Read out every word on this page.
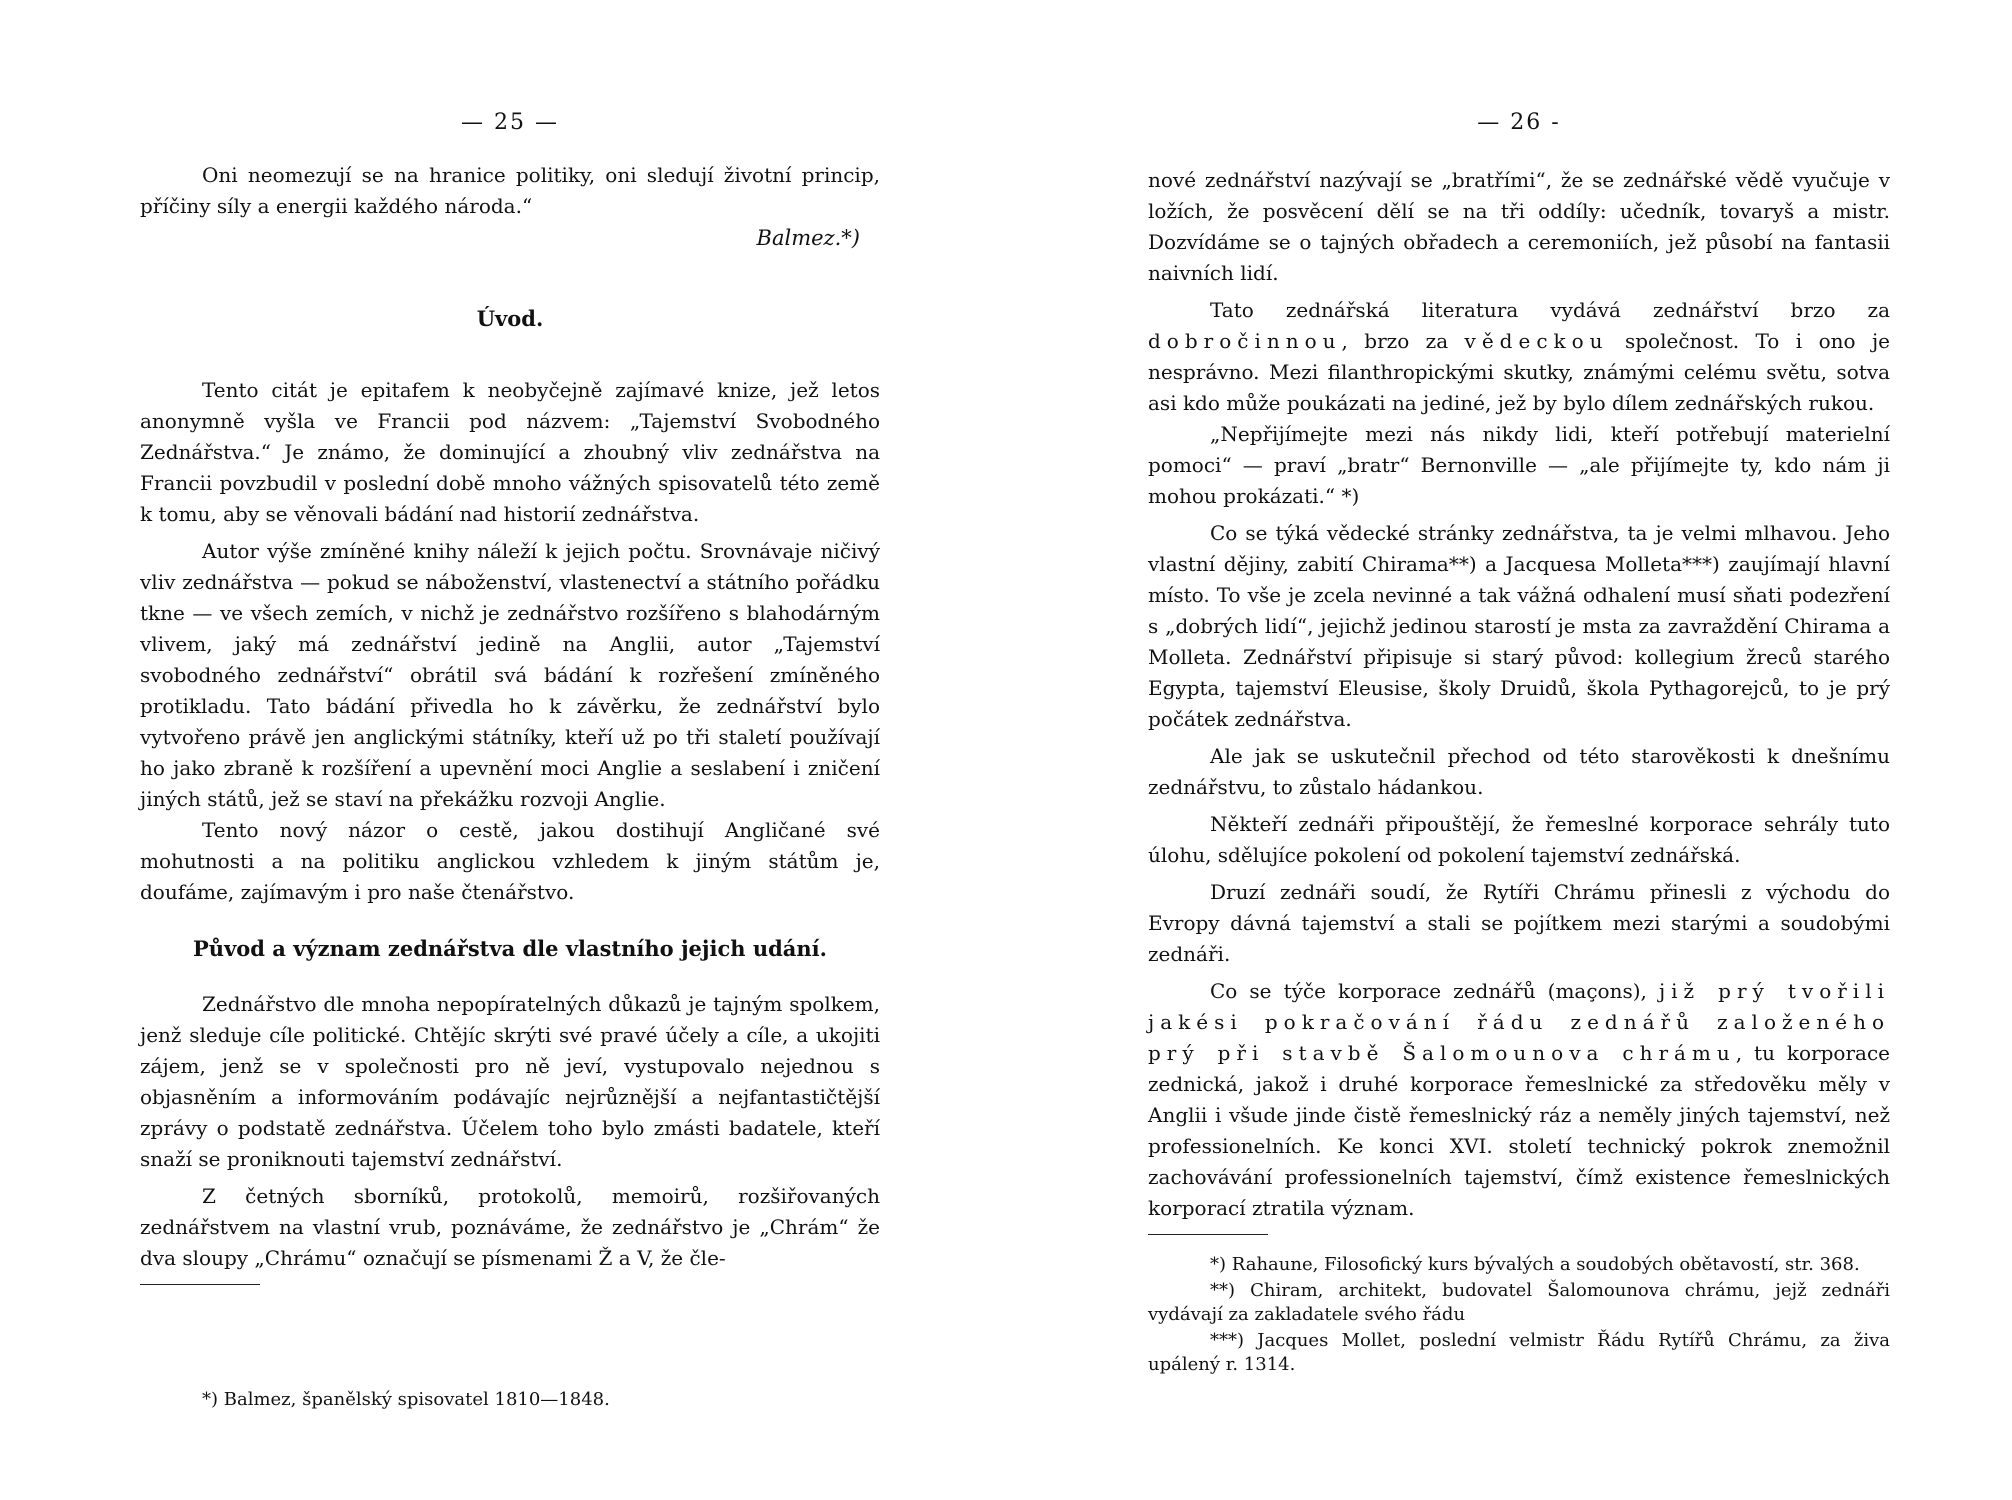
— 25 —

Oni neomezují se na hranice politiky, oni sledují životní princip, příčiny síly a energii každého národa.“

Balmez.*)
Úvod.

Tento citát je epitafem k neobyčejně zajímavé knize, jež letos anonymně vyšla ve Francii pod názvem: „Tajemství Svobodného Zednářstva.“ Je známo, že dominující a zhoubný vliv zednářstva na Francii povzbudil v poslední době mnoho vážných spisovatelů této země k tomu, aby se věnovali bádání nad historií zednářstva.

Autor výše zmíněné knihy náleží k jejich počtu. Srovnávaje ničivý vliv zednářstva — pokud se náboženství, vlastenectví a státního pořádku tkne — ve všech zemích, v nichž je zednářstvo rozšířeno s blahodárným vlivem, jaký má zednářství jedině na Anglii, autor „Tajemství svobodného zednářství“ obrátil svá bádání k rozřešení zmíněného protikladu. Tato bádání přivedla ho k závěrku, že zednářství bylo vytvořeno právě jen anglickými státníky, kteří už po tři staletí používají ho jako zbraně k rozšíření a upevnění moci Anglie a seslabení i zničení jiných států, jež se staví na překážku rozvoji Anglie.

Tento nový názor o cestě, jakou dostihují Angličané své mohutnosti a na politiku anglickou vzhledem k jiným státům je, doufáme, zajímavým i pro naše čtenářstvo.

Původ a význam zednářstva dle vlastního jejich udání.

Zednářstvo dle mnoha nepopíratelných důkazů je tajným spolkem, jenž sleduje cíle politické. Chtějíc skrýti své pravé účely a cíle, a ukojiti zájem, jenž se v společnosti pro ně jeví, vystupovalo nejednou s objasněním a informováním podávajíc nejrůznější a nejfantastičtější zprávy o podstatě zednářstva. Účelem toho bylo zmásti badatele, kteří snaží se proniknouti tajemství zednářství.

Z četných sborníků, protokolů, memoirů, rozšiřovaných zednářstvem na vlastní vrub, poznáváme, že zednářstvo je „Chrám“ že dva sloupy „Chrámu“ označují se písmenami Ž a V, že čle-

*) Balmez, španělský spisovatel 1810—1848.
— 26 -

nové zednářství nazývají se „bratřími“, že se zednářské vědě vyučuje v ložích, že posvěcení dělí se na tři oddíly: učedník, tovaryš a mistr. Dozvídáme se o tajných obřadech a ceremoniích, jež působí na fantasii naivních lidí.

Tato zednářská literatura vydává zednářství brzo za dobročinnou, brzo za vědeckou společnost. To i ono je nesprávno. Mezi filanthropickými skutky, známými celému světu, sotva asi kdo může poukázati na jediné, jež by bylo dílem zednářských rukou.

„Nepřijímejte mezi nás nikdy lidi, kteří potřebují materielní pomoci“ — praví „bratr“ Bernonville — „ale přijímejte ty, kdo nám ji mohou prokázati.“ *)

Co se týká vědecké stránky zednářstva, ta je velmi mlhavou. Jeho vlastní dějiny, zabití Chirama**) a Jacquesa Molleta***) zaujímají hlavní místo. To vše je zcela nevinné a tak vážná odhalení musí sňati podezření s „dobrých lidí“, jejichž jedinou starostí je msta za zavraždění Chirama a Molleta. Zednářství připisuje si starý původ: kollegium žreců starého Egypta, tajemství Eleusise, školy Druidů, škola Pythagorejců, to je prý počátek zednářstva.

Ale jak se uskutečnil přechod od této starověkosti k dnešnímu zednářstvu, to zůstalo hádankou.

Někteří zednáři připouštějí, že řemeslné korporace sehrály tuto úlohu, sdělujíce pokolení od pokolení tajemství zednářská.

Druzí zednáři soudí, že Rytíři Chrámu přinesli z východu do Evropy dávná tajemství a stali se pojítkem mezi starými a soudobými zednáři.

Co se týče korporace zednářů (maçons), již prý tvořili jakési pokračování řádu zednářů založeného prý při stavbě Šalomounova chrámu, tu korporace zednická, jakož i druhé korporace řemeslnické za středověku měly v Anglii i všude jinde čistě řemeslnický ráz a neměly jiných tajemství, než professionelních. Ke konci XVI. století technický pokrok znemožnil zachovávání professionelních tajemství, čímž existence řemeslnických korporací ztratila význam.

*) Rahaune, Filosofický kurs bývalých a soudobých obětavostí, str. 368.
**) Chiram, architekt, budovatel Šalomounova chrámu, jejž zednáři vydávají za zakladatele svého řádu
***) Jacques Mollet, poslední velmistr Řádu Rytířů Chrámu, za živa upálený r. 1314.
